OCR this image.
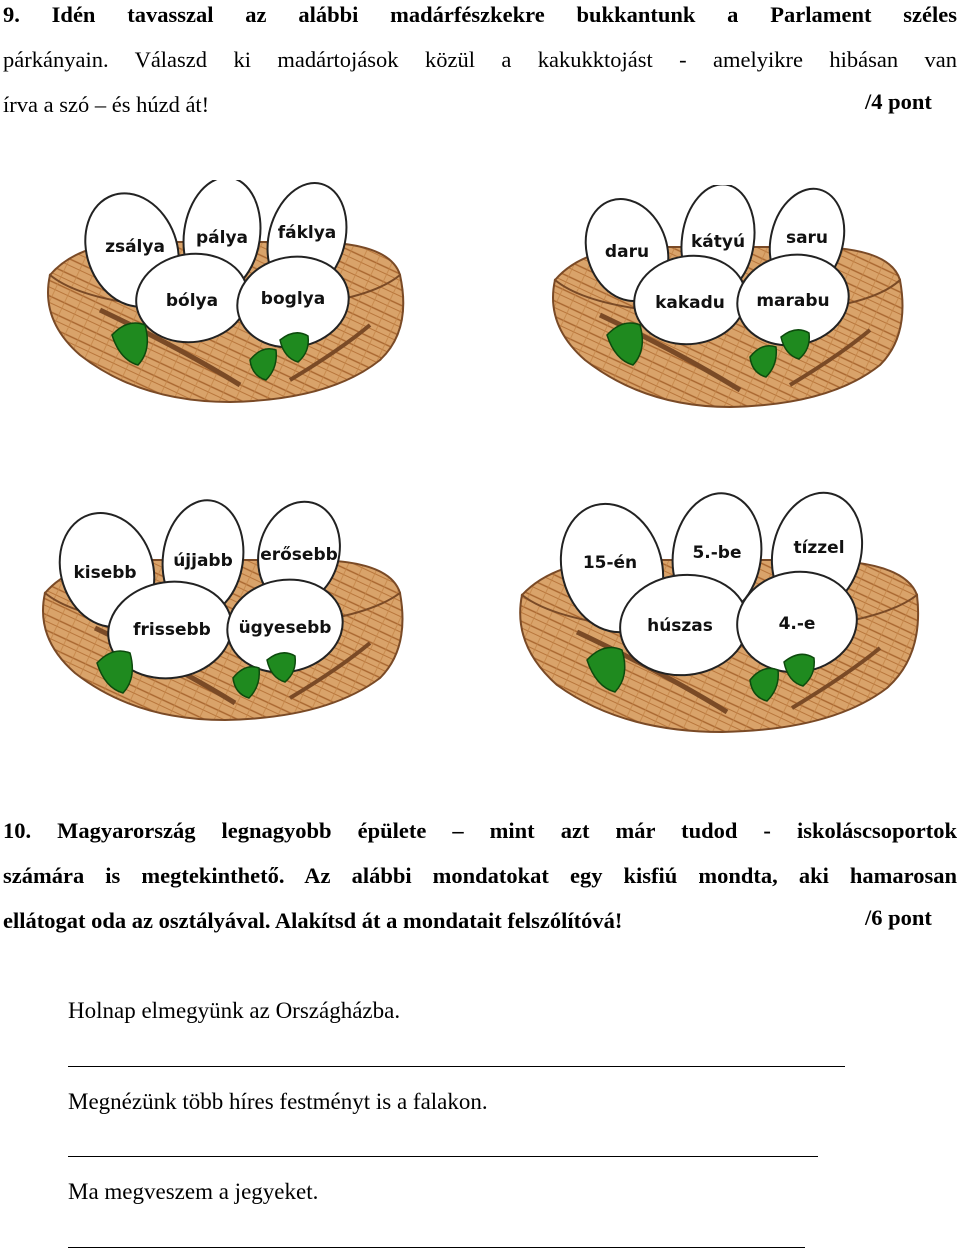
9. Idén tavasszal az alábbi madárfészkekre bukkantunk a Parlament széles
párkányain. Válaszd ki madártojások közül a kakukktojást - amelyikre hibásan van
írva a szó – és húzd át!	/4 pont
zsálya pálya fáklya
bólya	boglya
daru kátyú saru
kakadu marabu
kisebb
újjabb erősebb
frissebb ügyesebb
15-én	5.-be	tízzel
húszas	4.-e
10. Magyarország legnagyobb épülete – mint azt már tudod - iskoláscsoportok
számára is megtekinthető. Az alábbi mondatokat egy kisfiú mondta, aki hamarosan
ellátogat oda az osztályával. Alakítsd át a mondatait felszólítóvá!	/6 pont
Holnap elmegyünk az Országházba.
Megnézünk több híres festményt is a falakon.
Ma megveszem a jegyeket.
